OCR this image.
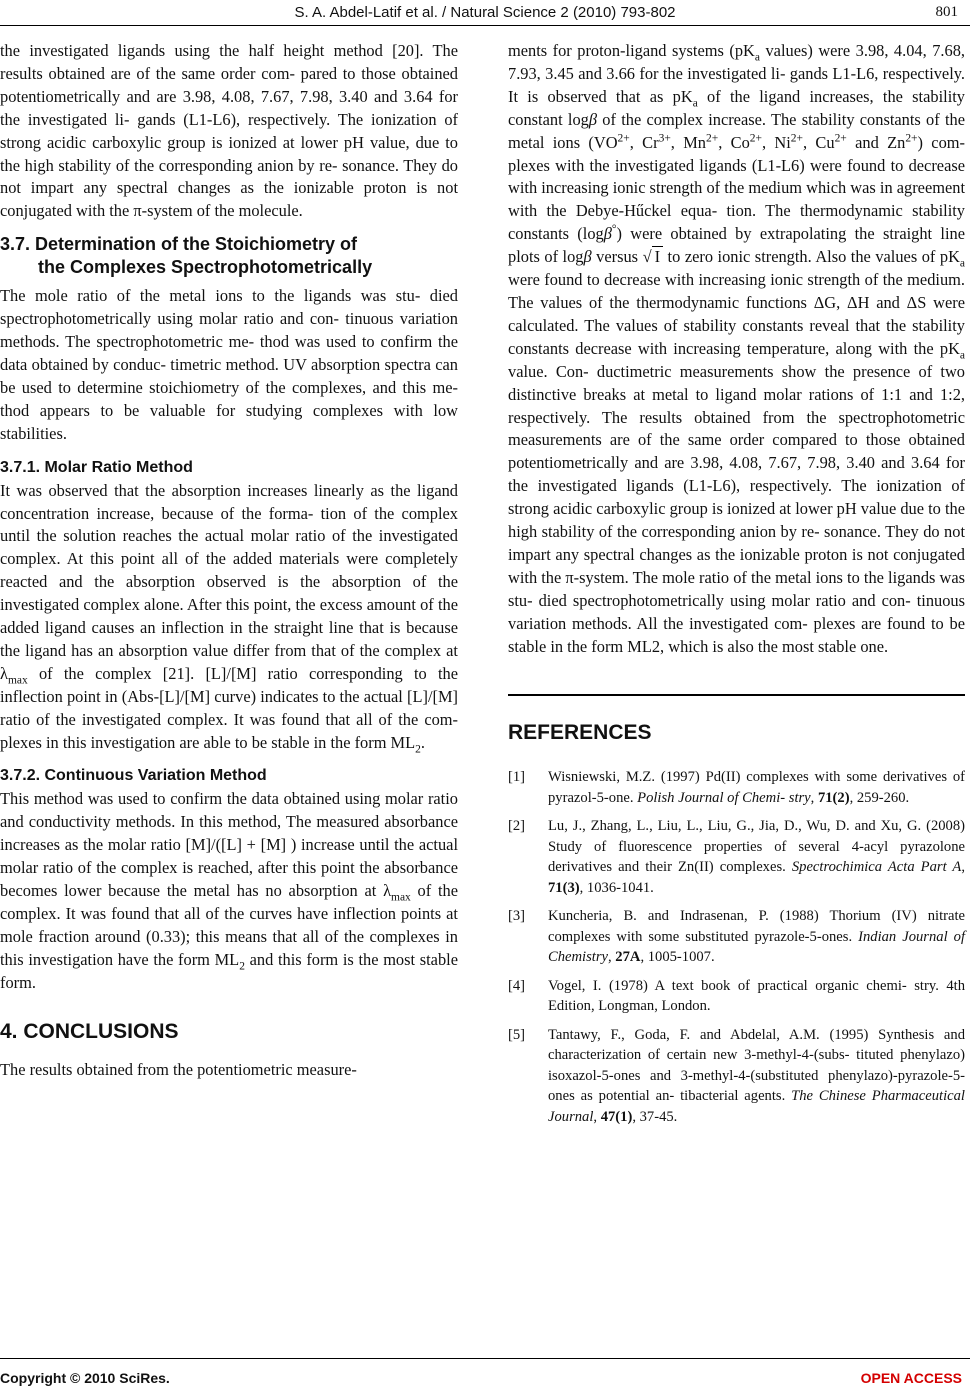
S. A. Abdel-Latif et al. / Natural Science 2 (2010) 793-802	801

the investigated ligands using the half height method [20]. The results obtained are of the same order com- pared to those obtained potentiometrically and are 3.98, 4.08, 7.67, 7.98, 3.40 and 3.64 for the investigated li- gands (L1-L6), respectively. The ionization of strong acidic carboxylic group is ionized at lower pH value, due to the high stability of the corresponding anion by re- sonance. They do not impart any spectral changes as the ionizable proton is not conjugated with the π-system of the molecule.

3.7. Determination of the Stoichiometry of
the Complexes Spectrophotometrically

The mole ratio of the metal ions to the ligands was stu- died spectrophotometrically using molar ratio and con- tinuous variation methods. The spectrophotometric me- thod was used to confirm the data obtained by conduc- timetric method. UV absorption spectra can be used to determine stoichiometry of the complexes, and this me- thod appears to be valuable for studying complexes with low stabilities.

3.7.1. Molar Ratio Method

It was observed that the absorption increases linearly as the ligand concentration increase, because of the forma- tion of the complex until the solution reaches the actual molar ratio of the investigated complex. At this point all of the added materials were completely reacted and the absorption observed is the absorption of the investigated complex alone. After this point, the excess amount of the added ligand causes an inflection in the straight line that is because the ligand has an absorption value differ from that of the complex at $\lambda_{max}$ of the complex [21]. [L]/[M] ratio corresponding to the inflection point in (Abs-[L]/[M] curve) indicates to the actual [L]/[M] ratio of the investigated complex. It was found that all of the com- plexes in this investigation are able to be stable in the form $ML_2$.

3.7.2. Continuous Variation Method

This method was used to confirm the data obtained using molar ratio and conductivity methods. In this method, The measured absorbance increases as the molar ratio [M]/([L] + [M] ) increase until the actual molar ratio of the complex is reached, after this point the absorbance becomes lower because the metal has no absorption at $\lambda_{max}$ of the complex. It was found that all of the curves have inflection points at mole fraction around (0.33); this means that all of the complexes in this investigation have the form $ML_2$ and this form is the most stable form.

4. CONCLUSIONS

The results obtained from the potentiometric measure-

ments for proton-ligand systems ($pK_a$ values) were 3.98, 4.04, 7.68, 7.93, 3.45 and 3.66 for the investigated li- gands L1-L6, respectively. It is observed that as $pK_a$ of the ligand increases, the stability constant logβ of the complex increase. The stability constants of the metal ions ($VO^{2+}$, $Cr^{3+}$, $Mn^{2+}$, $Co^{2+}$, $Ni^{2+}$, $Cu^{2+}$ and $Zn^{2+}$) com- plexes with the investigated ligands (L1-L6) were found to decrease with increasing ionic strength of the medium which was in agreement with the Debye-Hűckel equa- tion. The thermodynamic stability constants (logβ°) were obtained by extrapolating the straight line plots of logβ versus √ I to zero ionic strength. Also the values of $pK_a$ were found to decrease with increasing ionic strength of the medium. The values of the thermodynamic functions ΔG, ΔH and ΔS were calculated. The values of stability constants reveal that the stability constants decrease with increasing temperature, along with the $pK_a$ value. Con- ductimetric measurements show the presence of two distinctive breaks at metal to ligand molar rations of 1:1 and 1:2, respectively. The results obtained from the spectrophotometric measurements are of the same order compared to those obtained potentiometrically and are 3.98, 4.08, 7.67, 7.98, 3.40 and 3.64 for the investigated ligands (L1-L6), respectively. The ionization of strong acidic carboxylic group is ionized at lower pH value due to the high stability of the corresponding anion by re- sonance. They do not impart any spectral changes as the ionizable proton is not conjugated with the π-system. The mole ratio of the metal ions to the ligands was stu- died spectrophotometrically using molar ratio and con- tinuous variation methods. All the investigated com- plexes are found to be stable in the form ML2, which is also the most stable one.

REFERENCES
[1]	Wisniewski, M.Z. (1997) Pd(II) complexes with some derivatives of pyrazol-5-one. Polish Journal of Chemi- stry, 71(2), 259-260.
[2]	Lu, J., Zhang, L., Liu, L., Liu, G., Jia, D., Wu, D. and Xu, G. (2008) Study of fluorescence properties of several 4-acyl pyrazolone derivatives and their Zn(II) complexes. Spectrochimica Acta Part A, 71(3), 1036-1041.
[3]	Kuncheria, B. and Indrasenan, P. (1988) Thorium (IV) nitrate complexes with some substituted pyrazole-5-ones. Indian Journal of Chemistry, 27A, 1005-1007.
[4]	Vogel, I. (1978) A text book of practical organic chemi- stry. 4th Edition, Longman, London.
[5]	Tantawy, F., Goda, F. and Abdelal, A.M. (1995) Synthesis and characterization of certain new 3-methyl-4-(subs- tituted phenylazo) isoxazol-5-ones and 3-methyl-4-(substituted phenylazo)-pyrazole-5-ones as potential an- tibacterial agents. The Chinese Pharmaceutical Journal, 47(1), 37-45.
Copyright © 2010 SciRes.	OPEN ACCESS
